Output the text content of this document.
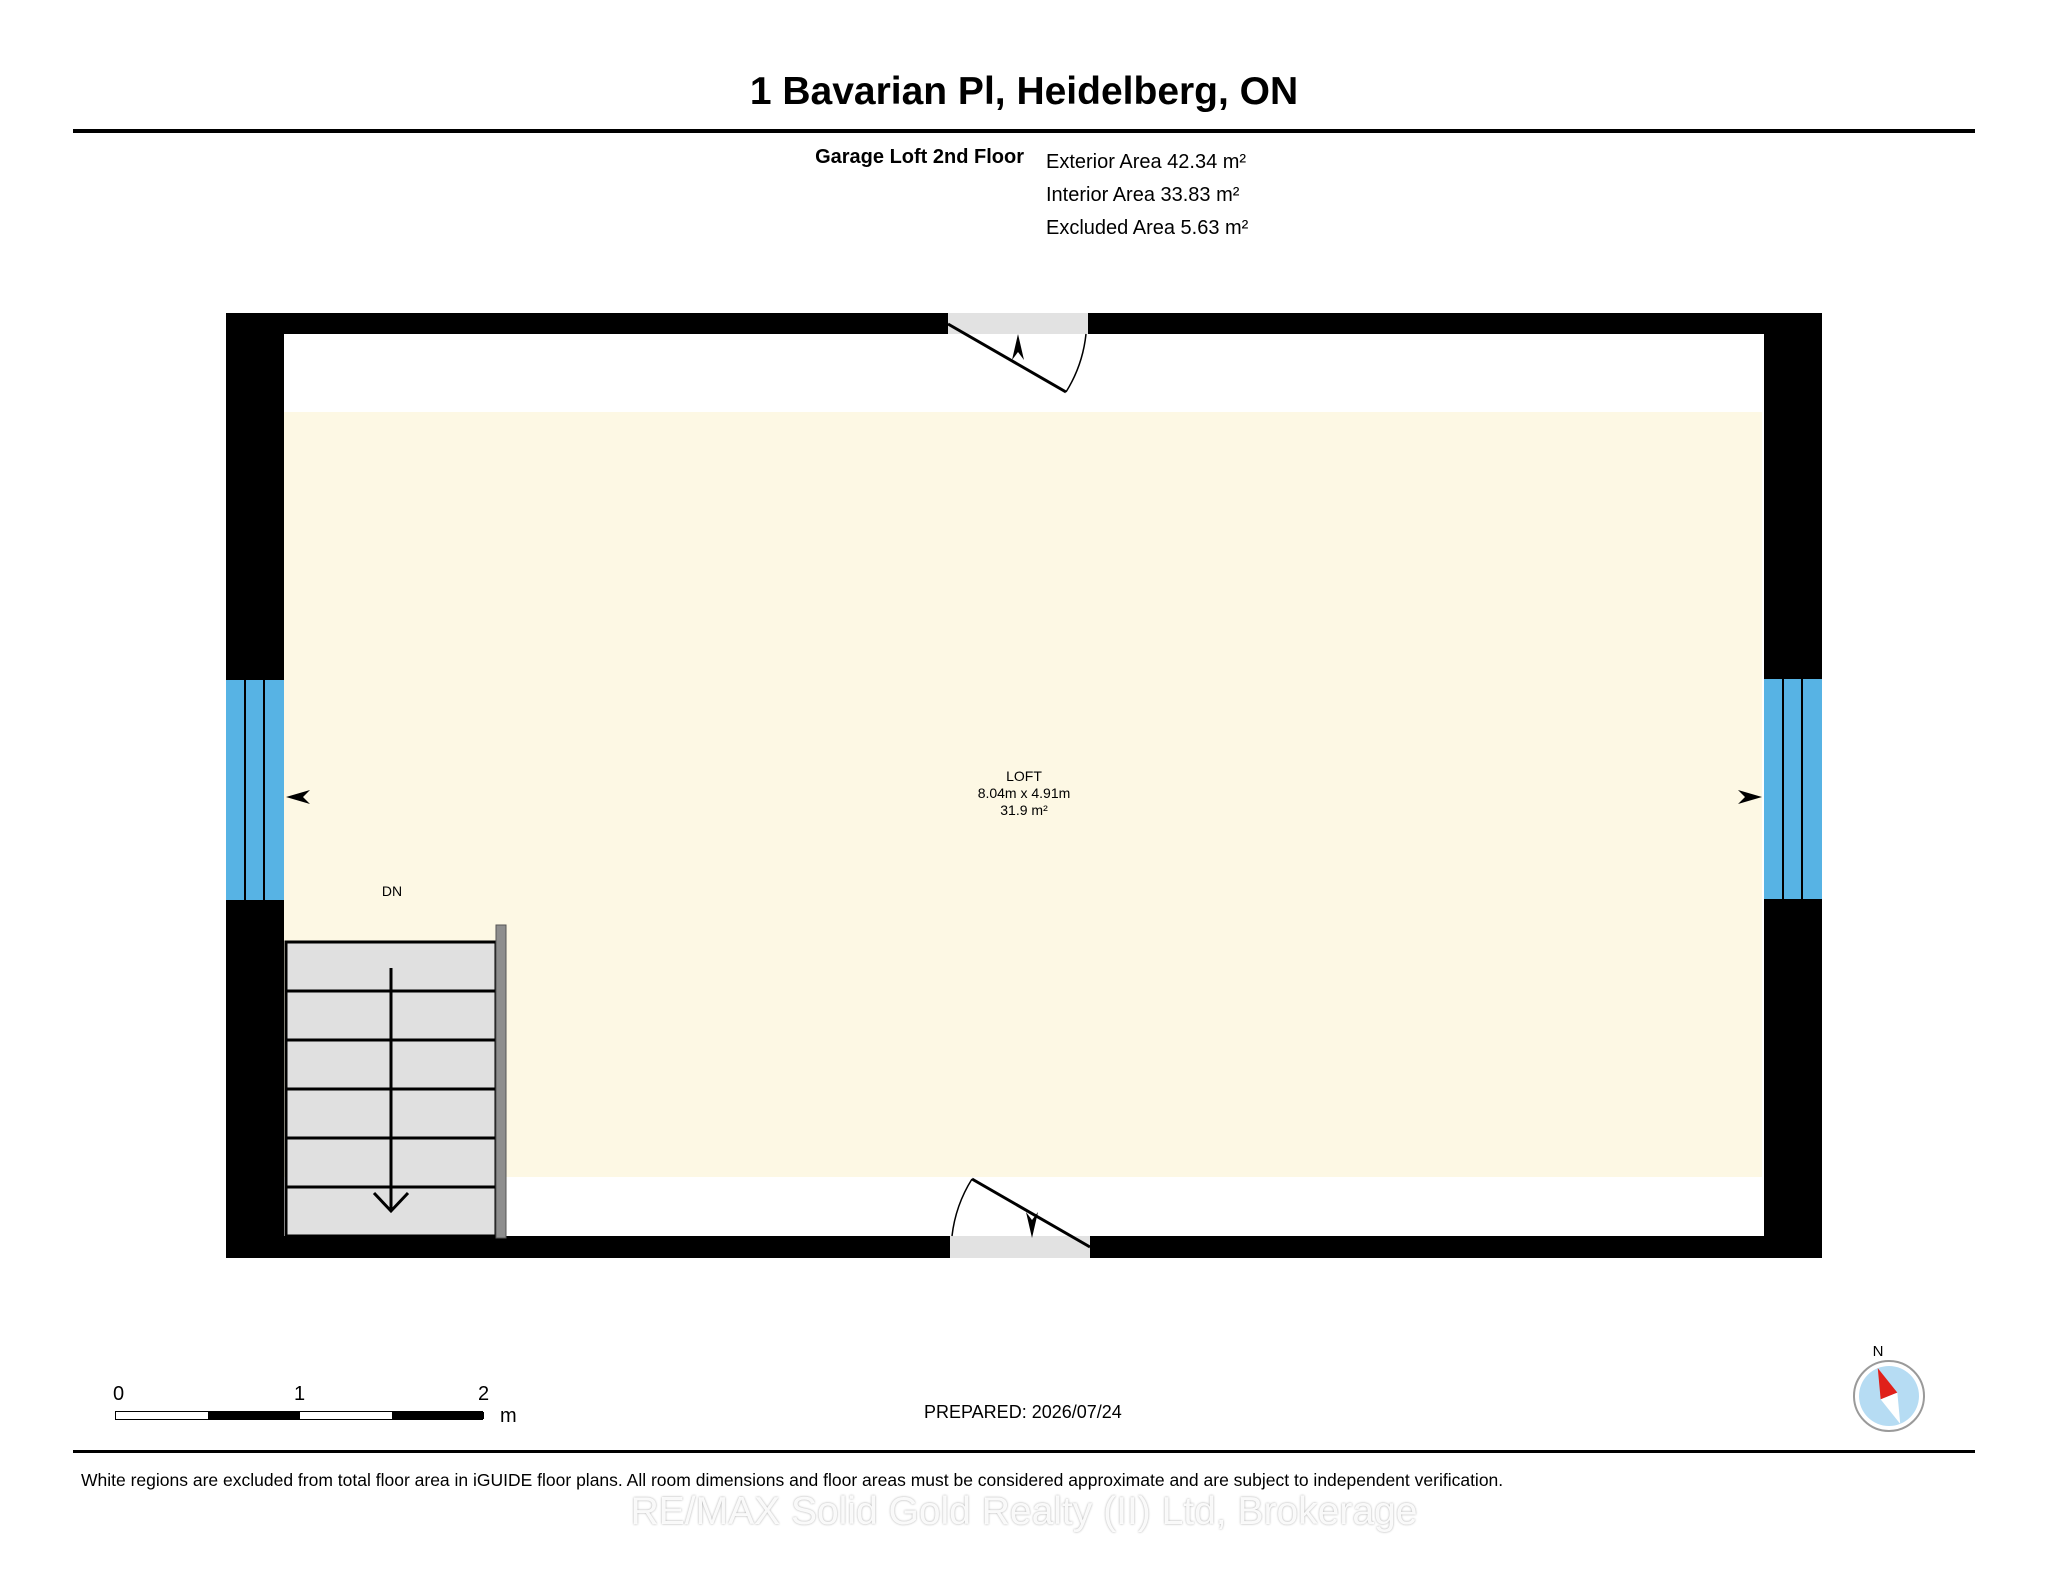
1 Bavarian Pl, Heidelberg, ON
Garage Loft 2nd Floor Exterior Area 42.34 m²
Interior Area 33.83 m²
Excluded Area 5.63 m²
N
LOFT
8.04m x 4.91m
31.9 m²
DN
0	1	2
m	PREPARED: 2026/07/24
White regions are excluded from total floor area in iGUIDE floor plans. All room dimensions and floor areas must be considered approximate and are subject to independent verification.
RE/MAX Solid Gold Realty (II) Ltd, Brokerage
